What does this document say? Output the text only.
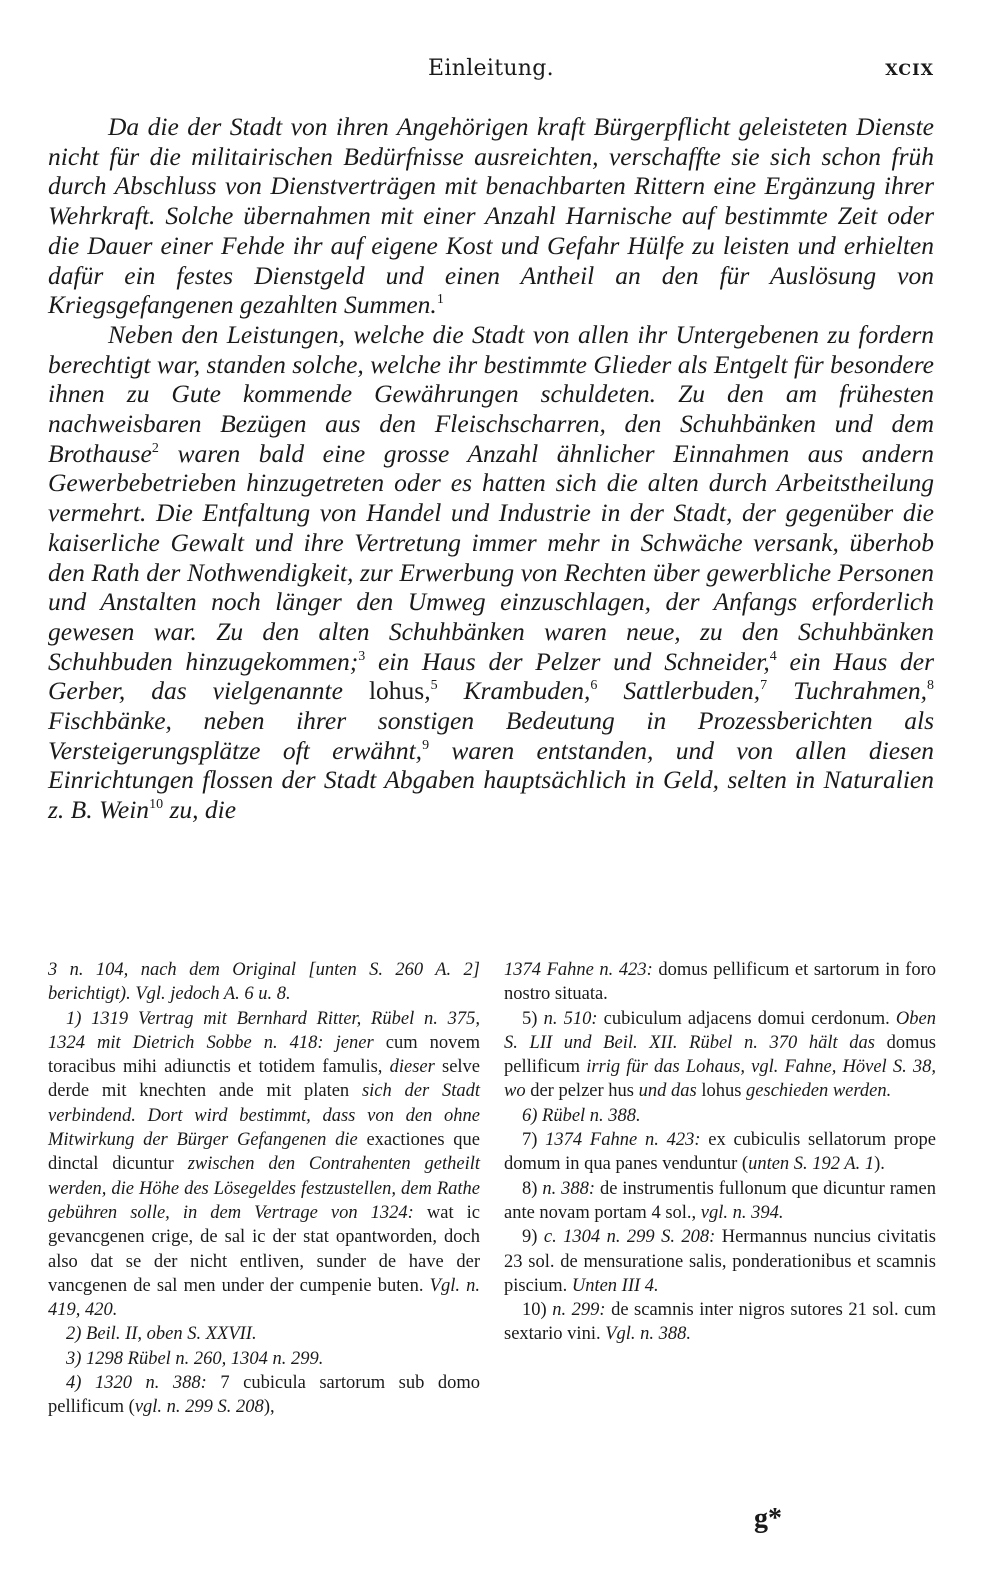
Einleitung.	XCIX

Da die der Stadt von ihren Angehörigen kraft Bürgerpflicht geleisteten Dienste nicht für die militairischen Bedürfnisse ausreichten, verschaffte sie sich schon früh durch Abschluss von Dienstverträgen mit benachbarten Rittern eine Ergänzung ihrer Wehrkraft. Solche übernahmen mit einer Anzahl Harnische auf bestimmte Zeit oder die Dauer einer Fehde ihr auf eigene Kost und Gefahr Hülfe zu leisten und erhielten dafür ein festes Dienstgeld und einen Antheil an den für Auslösung von Kriegsgefangenen gezahlten Summen.$^1$

Neben den Leistungen, welche die Stadt von allen ihr Untergebenen zu fordern berechtigt war, standen solche, welche ihr bestimmte Glieder als Entgelt für besondere ihnen zu Gute kommende Gewährungen schuldeten. Zu den am frühesten nachweisbaren Bezügen aus den Fleischscharren, den Schuhbänken und dem Brothause$^2$ waren bald eine grosse Anzahl ähnlicher Einnahmen aus andern Gewerbebetrieben hinzugetreten oder es hatten sich die alten durch Arbeitstheilung vermehrt. Die Entfaltung von Handel und Industrie in der Stadt, der gegenüber die kaiserliche Gewalt und ihre Vertretung immer mehr in Schwäche versank, überhob den Rath der Nothwendigkeit, zur Erwerbung von Rechten über gewerbliche Personen und Anstalten noch länger den Umweg einzuschlagen, der Anfangs erforderlich gewesen war. Zu den alten Schuhbänken waren neue, zu den Schuhbänken Schuhbuden hinzugekommen;$^3$ ein Haus der Pelzer und Schneider,$^4$ ein Haus der Gerber, das vielgenannte lohus,$^5$ Krambuden,$^6$ Sattlerbuden,$^7$ Tuchrahmen,$^8$ Fischbänke, neben ihrer sonstigen Bedeutung in Prozessberichten als Versteigerungsplätze oft erwähnt,$^9$ waren entstanden, und von allen diesen Einrichtungen flossen der Stadt Abgaben hauptsächlich in Geld, selten in Naturalien z. B. Wein$^{10}$ zu, die

3 n. 104, nach dem Original [unten S. 260 A. 2] berichtigt). Vgl. jedoch A. 6 u. 8.

1) 1319 Vertrag mit Bernhard Ritter, Rübel n. 375, 1324 mit Dietrich Sobbe n. 418: jener cum novem toracibus mihi adiunctis et totidem famulis, dieser selve derde mit knechten ande mit platen sich der Stadt verbindend. Dort wird bestimmt, dass von den ohne Mitwirkung der Bürger Gefangenen die exactiones que dinctal dicuntur zwischen den Contrahenten getheilt werden, die Höhe des Lösegeldes festzustellen, dem Rathe gebühren solle, in dem Vertrage von 1324: wat ic gevancgenen crige, de sal ic der stat opantworden, doch also dat se der nicht entliven, sunder de have der vancgenen de sal men under der cumpenie buten. Vgl. n. 419, 420.

2) Beil. II, oben S. XXVII.

3) 1298 Rübel n. 260, 1304 n. 299.

4) 1320 n. 388: 7 cubicula sartorum sub domo pellificum (vgl. n. 299 S. 208),

1374 Fahne n. 423: domus pellificum et sartorum in foro nostro situata.

5) n. 510: cubiculum adjacens domui cerdonum. Oben S. LII und Beil. XII. Rübel n. 370 hält das domus pellificum irrig für das Lohaus, vgl. Fahne, Hövel S. 38, wo der pelzer hus und das lohus geschieden werden.

6) Rübel n. 388.

7) 1374 Fahne n. 423: ex cubiculis sellatorum prope domum in qua panes venduntur (unten S. 192 A. 1).

8) n. 388: de instrumentis fullonum que dicuntur ramen ante novam portam 4 sol., vgl. n. 394.

9) c. 1304 n. 299 S. 208: Hermannus nuncius civitatis 23 sol. de mensuratione salis, ponderationibus et scamnis piscium. Unten III 4.

10) n. 299: de scamnis inter nigros sutores 21 sol. cum sextario vini. Vgl. n. 388.

g*
